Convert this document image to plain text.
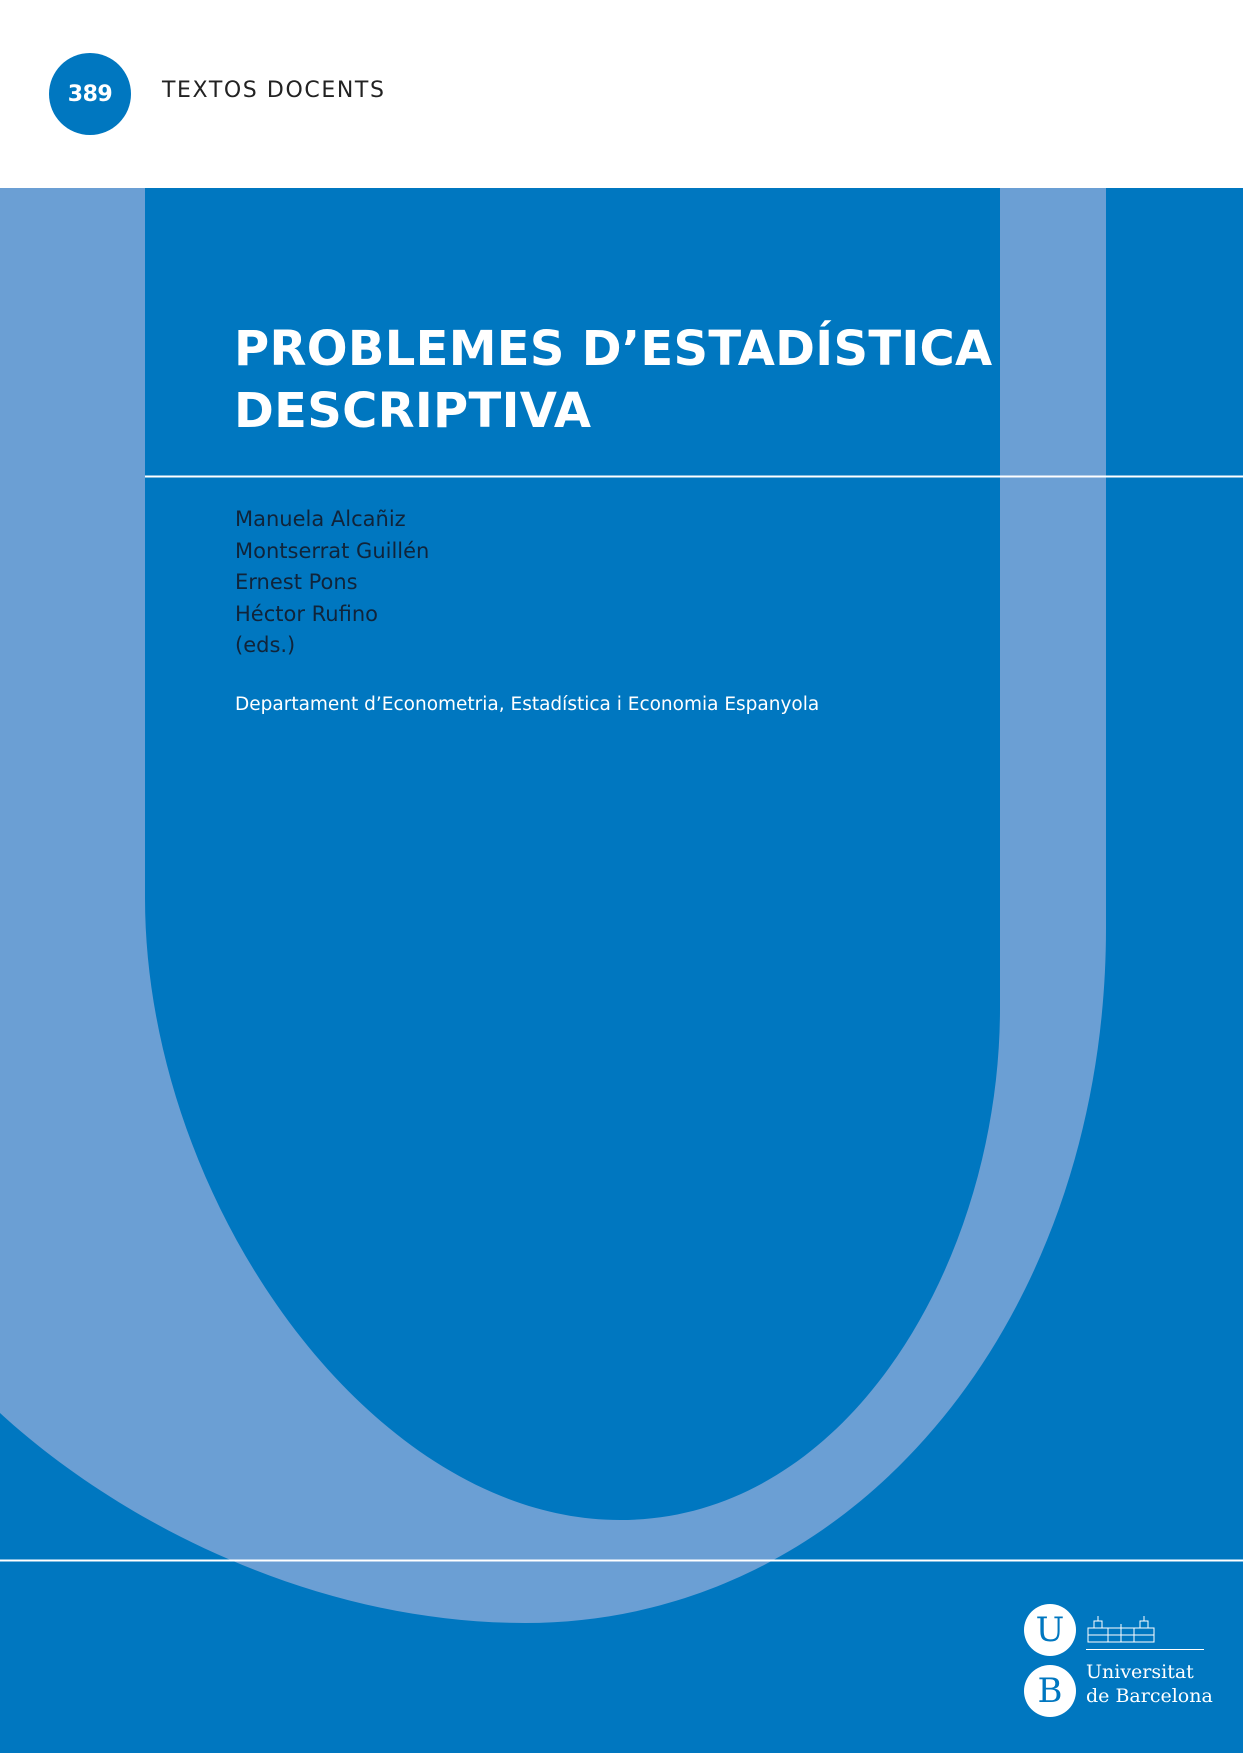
389 TEXTOS DOCENTS
PROBLEMES D’ESTADÍSTICA
DESCRIPTIVA
Manuela Alcañiz
Montserrat Guillén
Ernest Pons
Héctor Rufino
(eds.)
Departament d’Econometria, Estadística i Economia Espanyola
U
B	Universitat
de Barcelona
